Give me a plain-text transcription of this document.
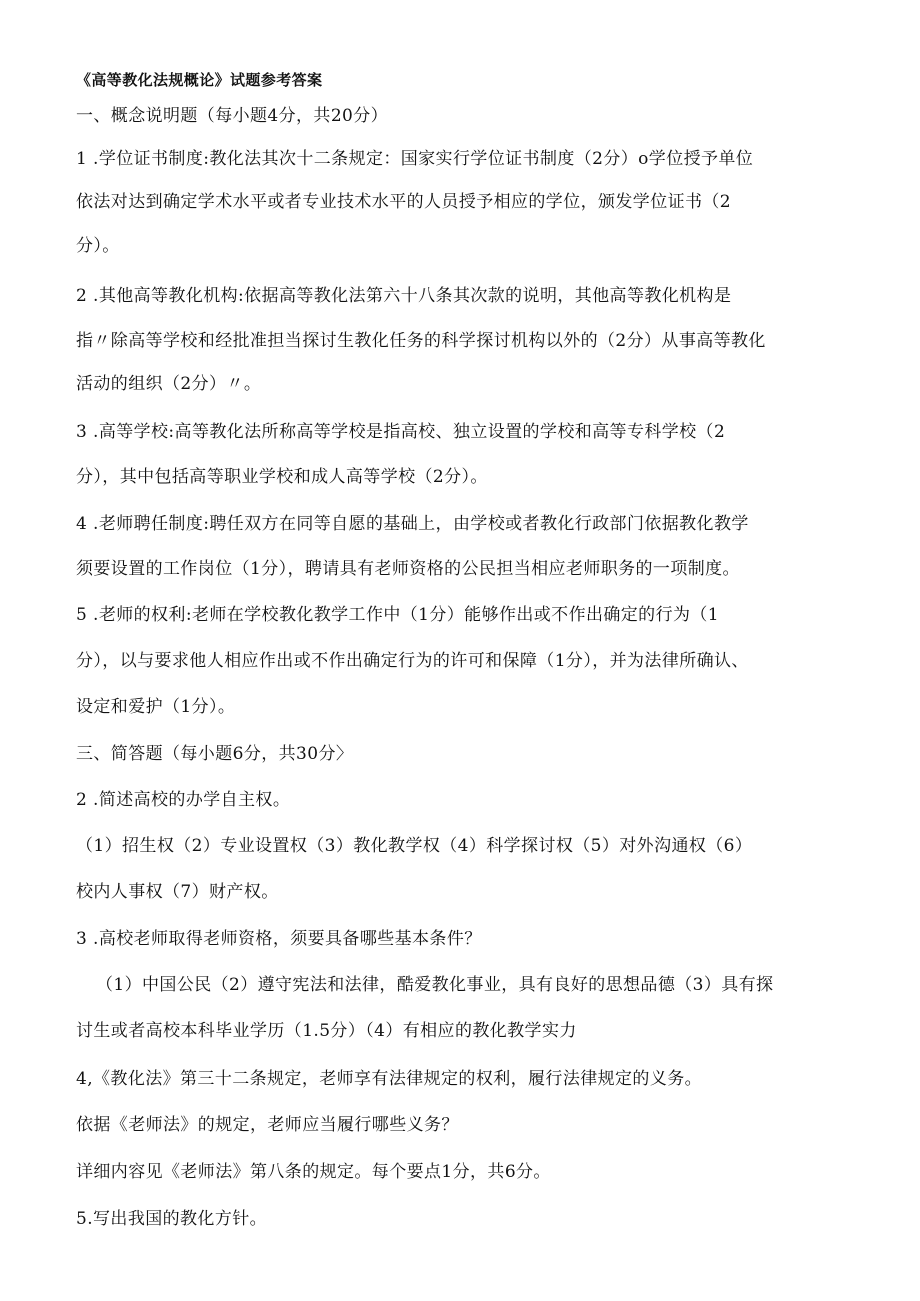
《高等教化法规概论》试题参考答案
一、概念说明题（每小题4分，共20分）
1 .学位证书制度:教化法其次十二条规定：国家实行学位证书制度（2分）o学位授予单位
依法对达到确定学术水平或者专业技术水平的人员授予相应的学位，颁发学位证书（2
分）。
2 .其他高等教化机构:依据高等教化法第六十八条其次款的说明，其他高等教化机构是
指〃除高等学校和经批准担当探讨生教化任务的科学探讨机构以外的（2分）从事高等教化
活动的组织（2分）〃。
3 .高等学校:高等教化法所称高等学校是指高校、独立设置的学校和高等专科学校（2
分），其中包括高等职业学校和成人高等学校（2分）。
4 .老师聘任制度:聘任双方在同等自愿的基础上，由学校或者教化行政部门依据教化教学
须要设置的工作岗位（1分），聘请具有老师资格的公民担当相应老师职务的一项制度。
5 .老师的权利:老师在学校教化教学工作中（1分）能够作出或不作出确定的行为（1
分），以与要求他人相应作出或不作出确定行为的许可和保障（1分），并为法律所确认、
设定和爱护（1分）。
三、简答题（每小题6分，共30分〉
2 .简述高校的办学自主权。
（1）招生权（2）专业设置权（3）教化教学权（4）科学探讨权（5）对外沟通权（6）
校内人事权（7）财产权。
3 .高校老师取得老师资格，须要具备哪些基本条件？
（1）中国公民（2）遵守宪法和法律，酷爱教化事业，具有良好的思想品德（3）具有探
讨生或者高校本科毕业学历（1.5分）（4）有相应的教化教学实力
4,《教化法》第三十二条规定，老师享有法律规定的权利，履行法律规定的义务。
依据《老师法》的规定，老师应当履行哪些义务？
详细内容见《老师法》第八条的规定。每个要点1分，共6分。
5.写出我国的教化方针。
